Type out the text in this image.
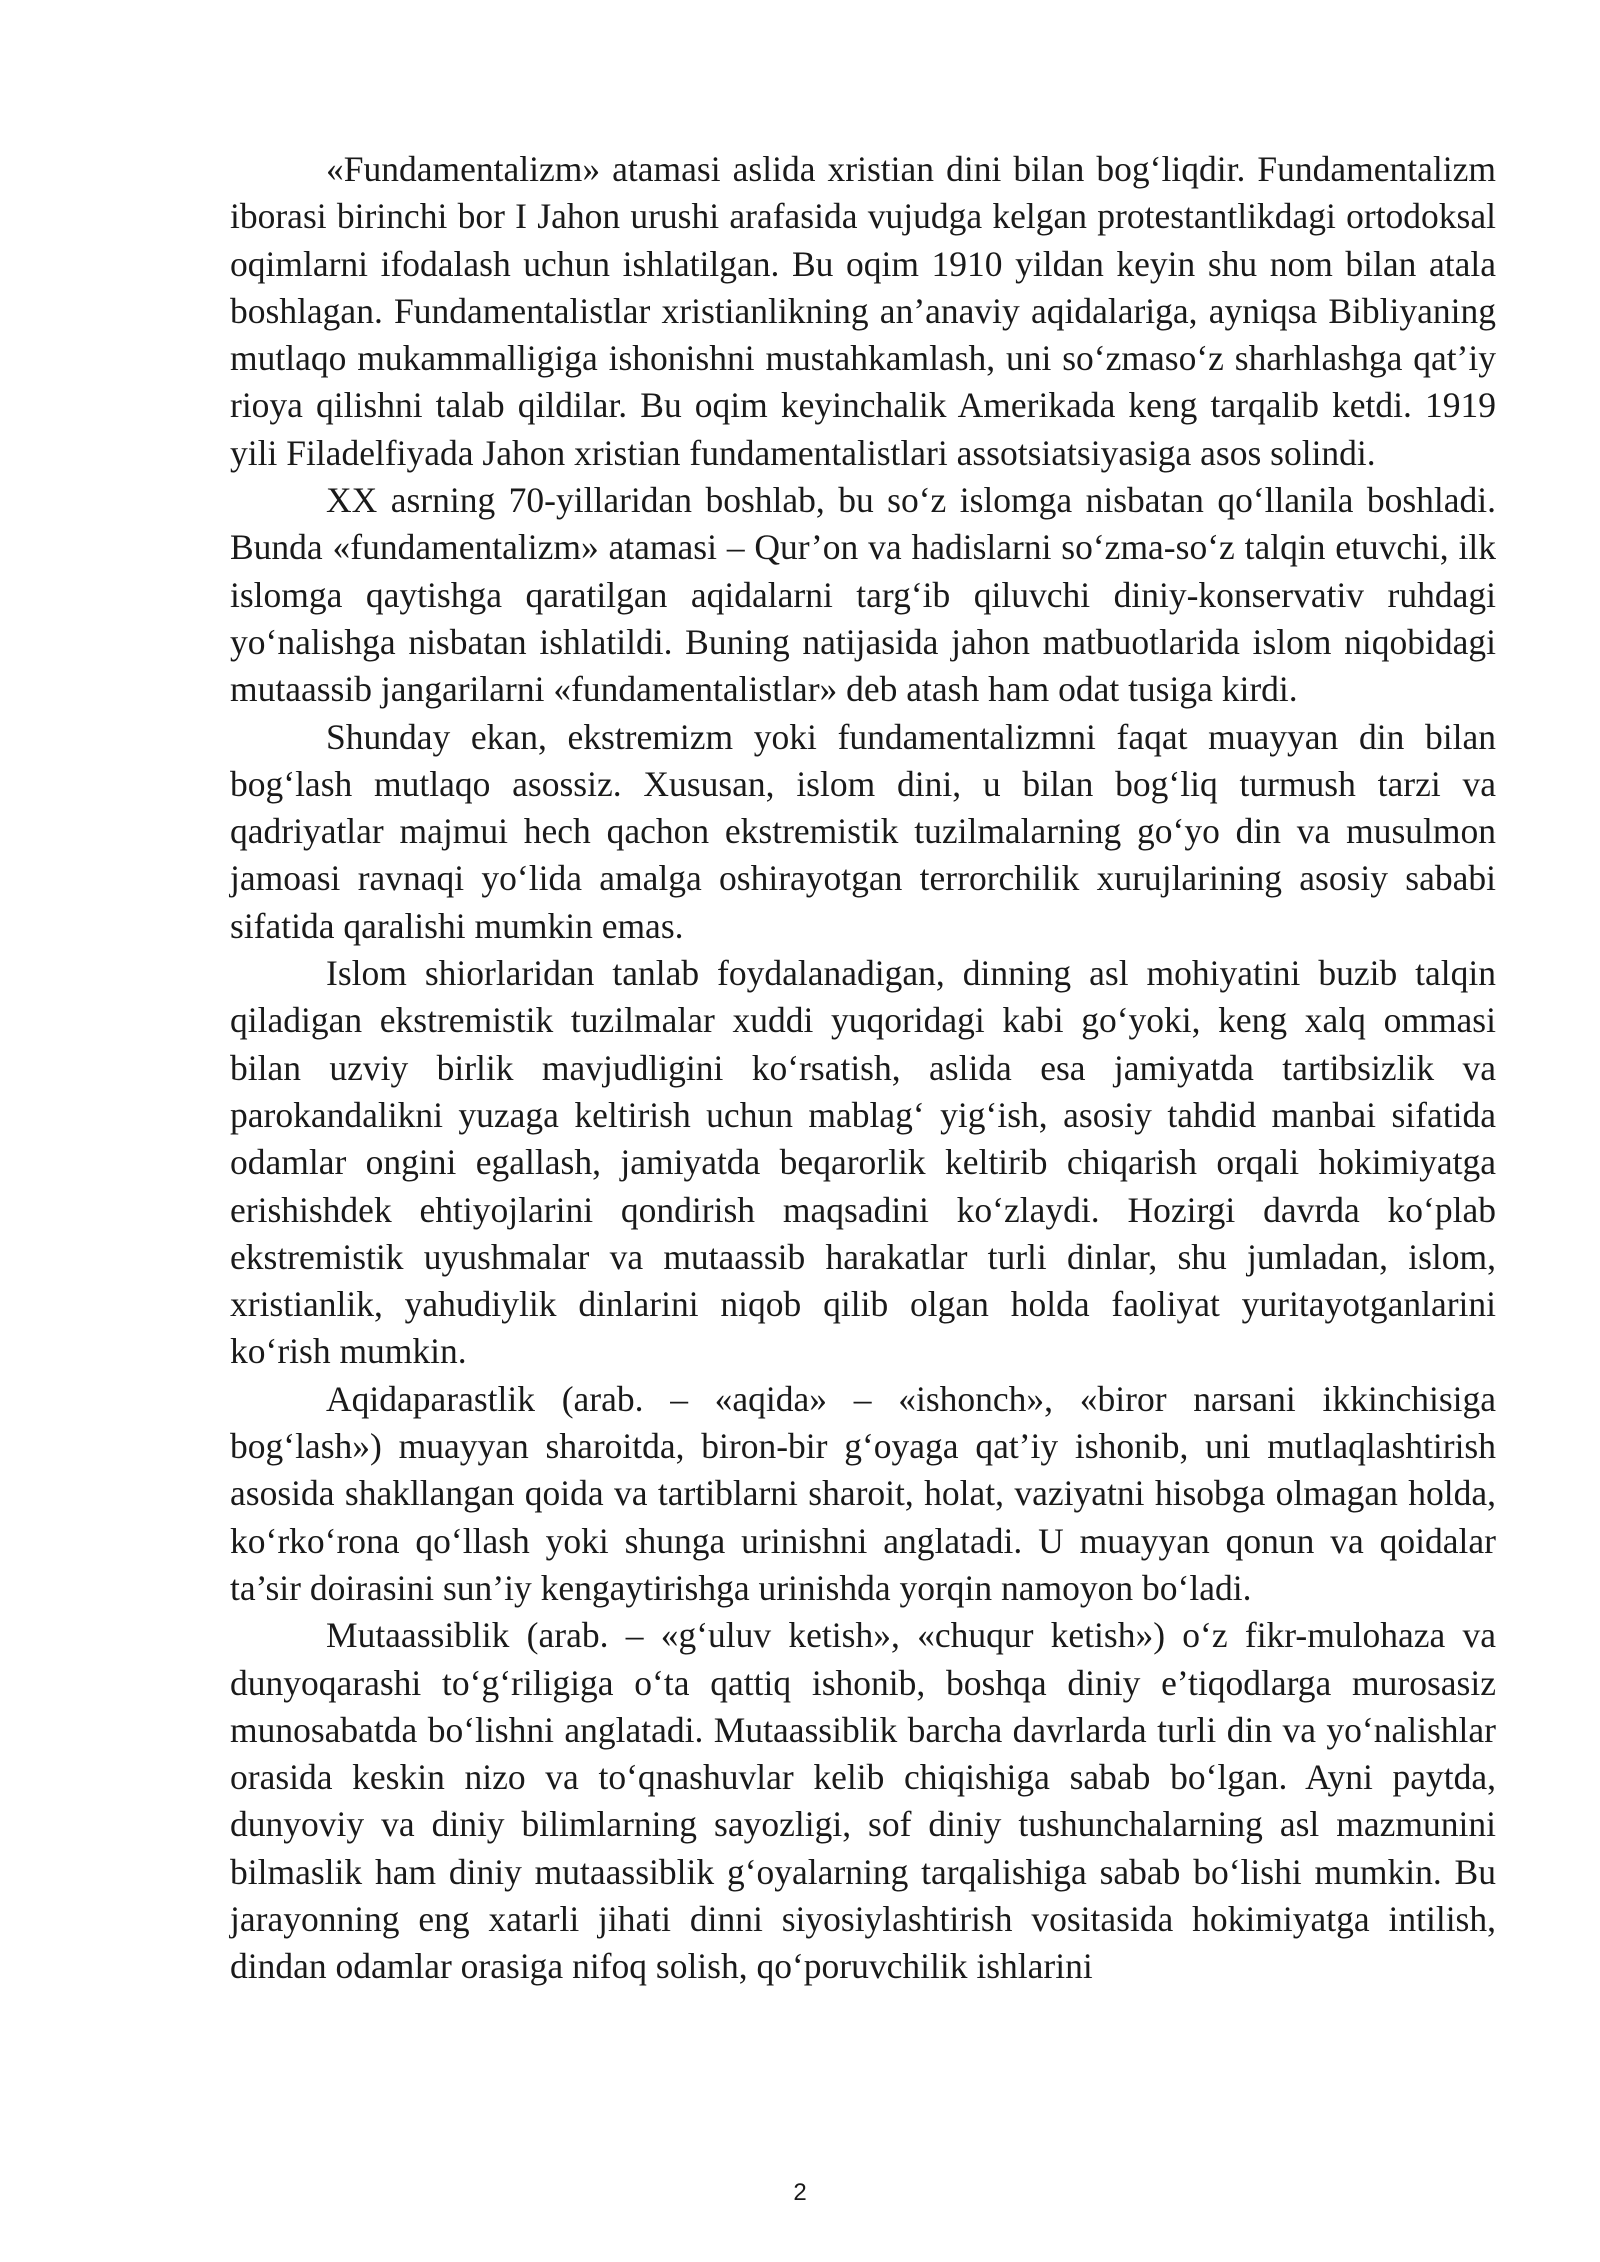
«Fundamentalizm» atamasi aslida xristian dini bilan bog‘liqdir. Fundamentalizm iborasi birinchi bor I Jahon urushi arafasida vujudga kelgan protestantlikdagi ortodoksal oqimlarni ifodalash uchun ishlatilgan. Bu oqim 1910 yildan keyin shu nom bilan atala boshlagan. Fundamentalistlar xristianlikning an’anaviy aqidalariga, ayniqsa Bibliyaning mutlaqo mukammalligiga ishonishni mustahkamlash, uni so‘zmaso‘z sharhlashga qat’iy rioya qilishni talab qildilar. Bu oqim keyinchalik Amerikada keng tarqalib ketdi. 1919 yili Filadelfiyada Jahon xristian fundamentalistlari assotsiatsiyasiga asos solindi.

XX asrning 70-yillaridan boshlab, bu so‘z islomga nisbatan qo‘llanila boshladi. Bunda «fundamentalizm» atamasi – Qur’on va hadislarni so‘zma-so‘z talqin etuvchi, ilk islomga qaytishga qaratilgan aqidalarni targ‘ib qiluvchi diniy-konservativ ruhdagi yo‘nalishga nisbatan ishlatildi. Buning natijasida jahon matbuotlarida islom niqobidagi mutaassib jangarilarni «fundamentalistlar» deb atash ham odat tusiga kirdi.

Shunday ekan, ekstremizm yoki fundamentalizmni faqat muayyan din bilan bog‘lash mutlaqo asossiz. Xususan, islom dini, u bilan bog‘liq turmush tarzi va qadriyatlar majmui hech qachon ekstremistik tuzilmalarning go‘yo din va musulmon jamoasi ravnaqi yo‘lida amalga oshirayotgan terrorchilik xurujlarining asosiy sababi sifatida qaralishi mumkin emas.

Islom shiorlaridan tanlab foydalanadigan, dinning asl mohiyatini buzib talqin qiladigan ekstremistik tuzilmalar xuddi yuqoridagi kabi go‘yoki, keng xalq ommasi bilan uzviy birlik mavjudligini ko‘rsatish, aslida esa jamiyatda tartibsizlik va parokandalikni yuzaga keltirish uchun mablag‘ yig‘ish, asosiy tahdid manbai sifatida odamlar ongini egallash, jamiyatda beqarorlik keltirib chiqarish orqali hokimiyatga erishishdek ehtiyojlarini qondirish maqsadini ko‘zlaydi. Hozirgi davrda ko‘plab ekstremistik uyushmalar va mutaassib harakatlar turli dinlar, shu jumladan, islom, xristianlik, yahudiylik dinlarini niqob qilib olgan holda faoliyat yuritayotganlarini ko‘rish mumkin.

Aqidaparastlik (arab. – «aqida» – «ishonch», «biror narsani ikkinchisiga bog‘lash») muayyan sharoitda, biron-bir g‘oyaga qat’iy ishonib, uni mutlaqlashtirish asosida shakllangan qoida va tartiblarni sharoit, holat, vaziyatni hisobga olmagan holda, ko‘rko‘rona qo‘llash yoki shunga urinishni anglatadi. U muayyan qonun va qoidalar ta’sir doirasini sun’iy kengaytirishga urinishda yorqin namoyon bo‘ladi.

Mutaassiblik (arab. – «g‘uluv ketish», «chuqur ketish») o‘z fikr-mulohaza va dunyoqarashi to‘g‘riligiga o‘ta qattiq ishonib, boshqa diniy e’tiqodlarga murosasiz munosabatda bo‘lishni anglatadi. Mutaassiblik barcha davrlarda turli din va yo‘nalishlar orasida keskin nizo va to‘qnashuvlar kelib chiqishiga sabab bo‘lgan. Ayni paytda, dunyoviy va diniy bilimlarning sayozligi, sof diniy tushunchalarning asl mazmunini bilmaslik ham diniy mutaassiblik g‘oyalarning tarqalishiga sabab bo‘lishi mumkin. Bu jarayonning eng xatarli jihati dinni siyosiylashtirish vositasida hokimiyatga intilish, dindan odamlar orasiga nifoq solish, qo‘poruvchilik ishlarini

2
